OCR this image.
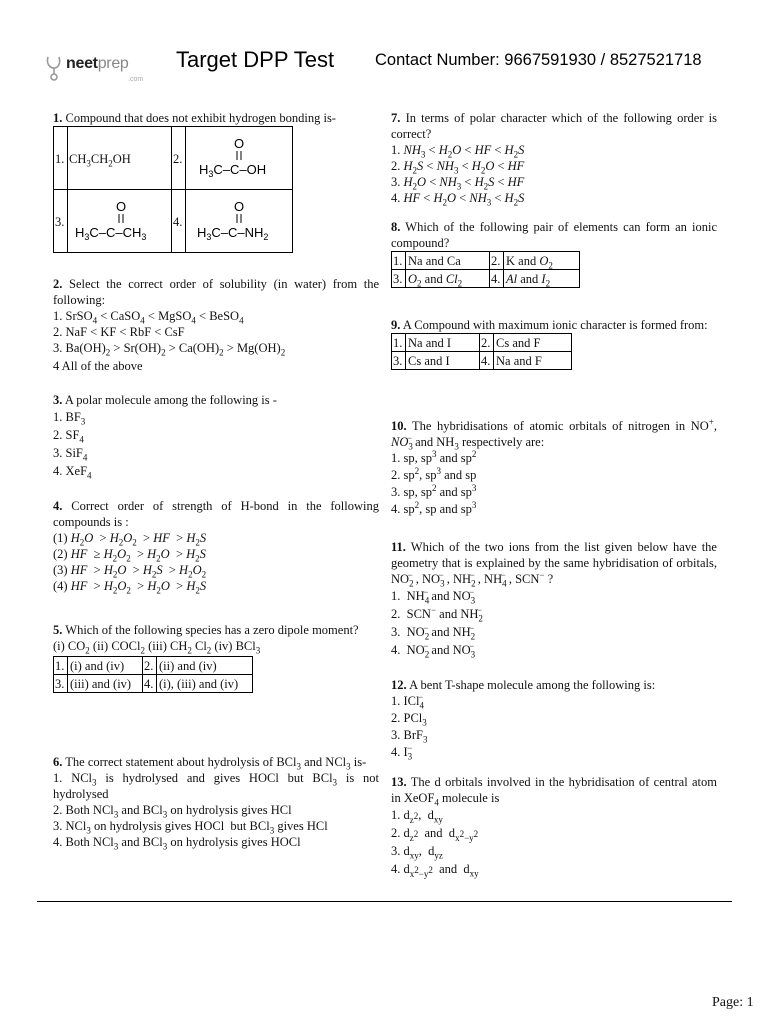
neetprep
.com
Target DPP Test Contact Number: 9667591930 / 8527521718

1. Compound that does not exhibit hydrogen bonding is-

1.	$CH_3CH_2OH$	2.	O
$H_3C-C-OH$

3.	O
$H_3C-C-CH_3$	4.	O
$H_3C-C-NH_2$

2. Select the correct order of solubility (in water) from the following:

1. SrSO$_4$ < CaSO$_4$ < MgSO$_4$ < BeSO$_4$
2. NaF < KF < RbF < CsF
3. $Ba(OH)_2 > Sr(OH)_2 > Ca(OH)_2 > Mg(OH)_2$
4 All of the above

3. A polar molecule among the following is -

1. $BF_3$
2. $SF_4$
3. SiF$_4$
4. XeF$_4$

4. Correct order of strength of H-bond in the following compounds is :

(1) $H_2O > H_2O_2$  > HF  > $H_2S$
(2) HF  ≥ $H_2O_2 > H_2O > H_2S$
(3) HF  > $H_2O > H_2S > H_2O_2$
(4) HF  > $H_2O_2 > H_2O > H_2S$

5. Which of the following species has a zero dipole moment?

(i) $CO_2$ (ii) COCl$_2$ (iii) $CH_2$ $Cl_2$ (iv) BCl$_3$
1.	(i) and (iv)	2.	(ii) and (iv)
3.	(iii) and (iv)	4.	(i), (iii) and (iv)

6. The correct statement about hydrolysis of BCl$_3$ and NCl$_3$ is-

1. NCl$_3$ is hydrolysed and gives HOCl but BCl$_3$ is not hydrolysed

2. Both NCl$_3$ and BCl$_3$ on hydrolysis gives HCl
3. NCl$_3$ on hydrolysis gives HOCl  but BCl$_3$ gives HCl
4. Both NCl$_3$ and BCl$_3$ on hydrolysis gives HOCl

7. In terms of polar character which of the following order is correct?

1. $NH_3 < H_2O$ < HF < $H_2S$
2. $H_2S < NH_3 < H_2O$ < HF
3. $H_2O < NH_3 < H_2S$ < HF
4. HF < $H_2O < NH_3 < H_2S$

8. Which of the following pair of elements can form an ionic compound?

1.	Na and Ca	2.	K and $O_2$
3.	$O_2$ and $Cl_2$	4.	Al and $I_2$

9. A Compound with maximum ionic character is formed from:

1.	Na and I	2.	Cs and F
3.	Cs and I	4.	Na and F

10. The hybridisations of atomic orbitals of nitrogen in NO+, $NO_3^-$ and $NH_3$ respectively are:

1. sp, $sp^3$ and $sp^2$
2. $sp^2$, $sp^3$ and sp
3. sp, $sp^2$ and $sp^3$
4. $sp^2$, sp and $sp^3$

11. Which of the two ions from the list given below have the geometry that is explained by the same hybridisation of orbitals, $NO_2^-$ , $NO_3^-$ , $NH_2^-$ , $NH_4^-$ , SCN− ?

1.  $NH_4^-$ and $NO_3^-$
2.  SCN− and $NH_2^-$
3.  $NO_2^-$ and $NH_2^-$
4.  $NO_2^-$ and $NO_3^-$

12. A bent T-shape molecule among the following is:

1. ICl$_4$−
2. PCl$_3$
3. BrF$_3$
4. $I_3^-$

13. The d orbitals involved in the hybridisation of central atom in XeOF$_4$ molecule is

1. $d_{z^2}$,  $d_{xy}$
2. $d_{z^2}$  and  $d_{x^2-y^2}$
3. $d_{xy}$,  $d_{yz}$
4. $d_{x^2-y^2}$  and  $d_{xy}$
Page: 1
